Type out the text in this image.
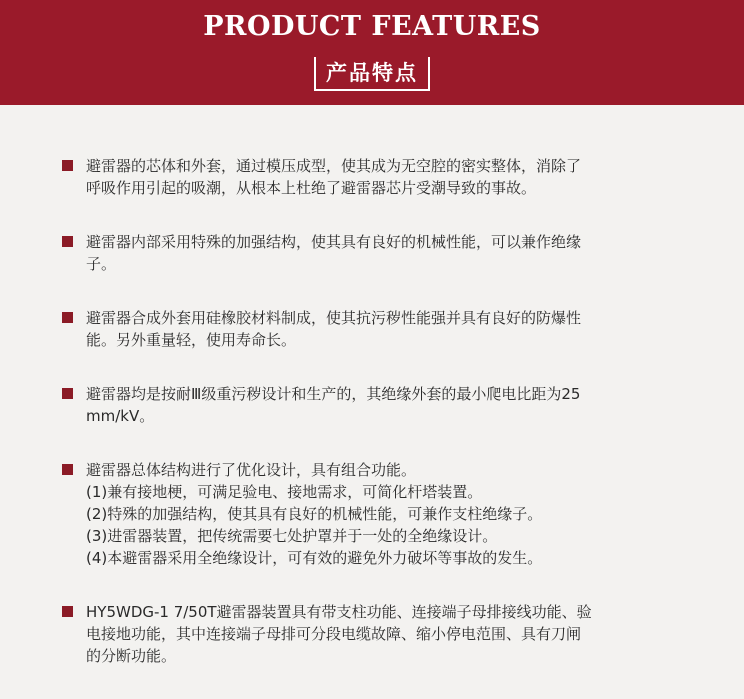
PRODUCT FEATURES
产品特点
避雷器的芯体和外套，通过模压成型，使其成为无空腔的密实整体，消除了
呼吸作用引起的吸潮，从根本上杜绝了避雷器芯片受潮导致的事故。
避雷器内部采用特殊的加强结构，使其具有良好的机械性能，可以兼作绝缘
子。
避雷器合成外套用硅橡胶材料制成，使其抗污秽性能强并具有良好的防爆性
能。另外重量轻，使用寿命长。
避雷器均是按耐Ⅲ级重污秽设计和生产的，其绝缘外套的最小爬电比距为25
mm/kV。
避雷器总体结构进行了优化设计，具有组合功能。
(1)兼有接地梗，可满足验电、接地需求，可简化杆塔装置。
(2)特殊的加强结构，使其具有良好的机械性能，可兼作支柱绝缘子。
(3)进雷器装置，把传统需要七处护罩并于一处的全绝缘设计。
(4)本避雷器采用全绝缘设计，可有效的避免外力破坏等事故的发生。
HY5WDG-1 7/50T避雷器装置具有带支柱功能、连接端子母排接线功能、验
电接地功能，其中连接端子母排可分段电缆故障、缩小停电范围、具有刀闸
的分断功能。
